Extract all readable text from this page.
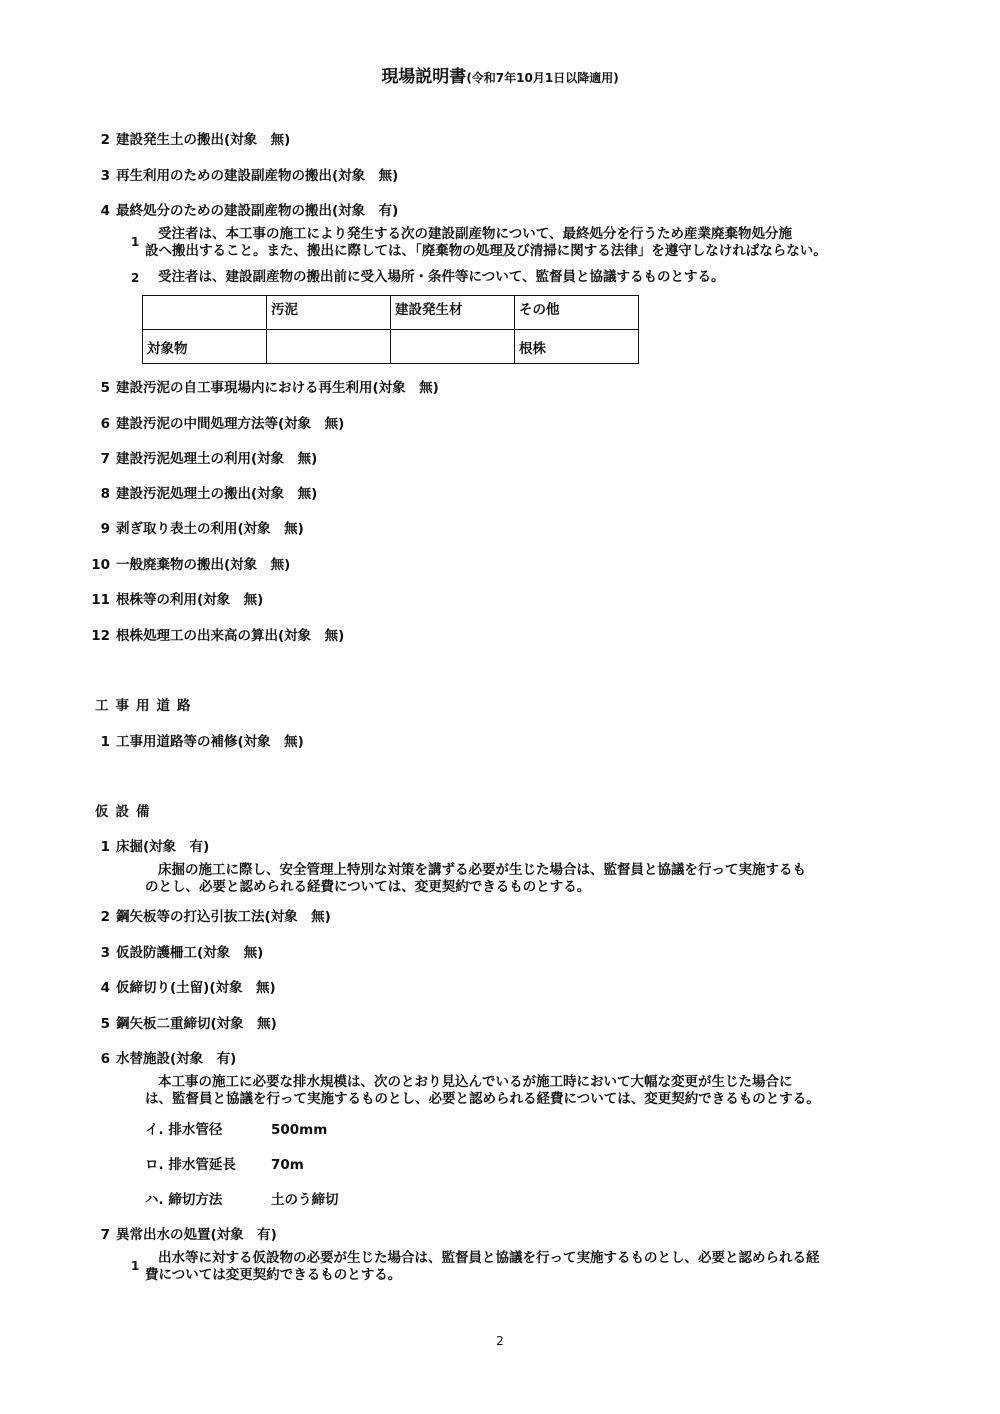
現場説明書(令和7年10月1日以降適用)
2 建設発生土の搬出(対象　無)
3 再生利用のための建設副産物の搬出(対象　無)
4 最終処分のための建設副産物の搬出(対象　有)
1 受注者は、本工事の施工により発生する次の建設副産物について、最終処分を行うため産業廃棄物処分施
設へ搬出すること。また、搬出に際しては、「廃棄物の処理及び清掃に関する法律」を遵守しなければならない。
2 受注者は、建設副産物の搬出前に受入場所・条件等について、監督員と協議するものとする。
	汚泥	建設発生材	その他
対象物			根株
5 建設汚泥の自工事現場内における再生利用(対象　無)
6 建設汚泥の中間処理方法等(対象　無)
7 建設汚泥処理土の利用(対象　無)
8 建設汚泥処理土の搬出(対象　無)
9 剥ぎ取り表土の利用(対象　無)
10 一般廃棄物の搬出(対象　無)
11 根株等の利用(対象　無)
12 根株処理工の出来高の算出(対象　無)
工事用道路
1 工事用道路等の補修(対象　無)
仮設備
1 床掘(対象　有)
床掘の施工に際し、安全管理上特別な対策を講ずる必要が生じた場合は、監督員と協議を行って実施するも
のとし、必要と認められる経費については、変更契約できるものとする。
2 鋼矢板等の打込引抜工法(対象　無)
3 仮設防護柵工(対象　無)
4 仮締切り(土留)(対象　無)
5 鋼矢板二重締切(対象　無)
6 水替施設(対象　有)
本工事の施工に必要な排水規模は、次のとおり見込んでいるが施工時において大幅な変更が生じた場合に
は、監督員と協議を行って実施するものとし、必要と認められる経費については、変更契約できるものとする。
イ. 排水管径	500mm
ロ. 排水管延長	70m
ハ. 締切方法	土のう締切
7 異常出水の処置(対象　有)
1 出水等に対する仮設物の必要が生じた場合は、監督員と協議を行って実施するものとし、必要と認められる経
費については変更契約できるものとする。
2
